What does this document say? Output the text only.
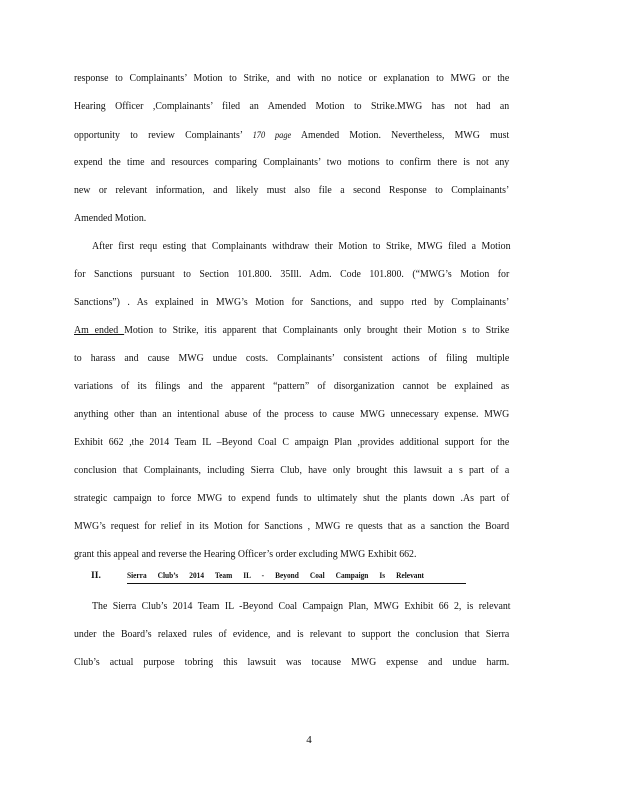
response to Complainants’ Motion to Strike, and with no notice or explanation to MWG or the
Hearing Officer ,Complainants’ filed an Amended Motion to Strike.MWG has not had an
opportunity to review Complainants’ 170 page Amended Motion. Nevertheless, MWG must
expend the time and resources comparing Complainants’ two motions to confirm there is not any
new or relevant information, and likely must also file a second Response to Complainants’
Amended Motion.
After first requ esting that Complainants withdraw their Motion to Strike, MWG filed a Motion
for Sanctions pursuant to Section 101.800. 35Ill. Adm. Code 101.800. (“MWG’s Motion for
Sanctions”) . As explained in MWG’s Motion for Sanctions, and suppo rted by Complainants’
Am ended Motion to Strike, itis apparent that Complainants only brought their Motion s to Strike
to harass and cause MWG undue costs. Complainants’ consistent actions of filing multiple
variations of its filings and the apparent “pattern” of disorganization cannot be explained as
anything other than an intentional abuse of the process to cause MWG unnecessary expense. MWG
Exhibit 662 ,the 2014 Team IL –Beyond Coal C ampaign Plan ,provides additional support for the
conclusion that Complainants, including Sierra Club, have only brought this lawsuit a s part of a
strategic campaign to force MWG to expend funds to ultimately shut the plants down .As part of
MWG’s request for relief in its Motion for Sanctions , MWG re quests that as a sanction the Board
grant this appeal and reverse the Hearing Officer’s order excluding MWG Exhibit 662.
II.	Sierra Club’s 2014 Team IL - Beyond Coal Campaign Is Relevant
The Sierra Club’s 2014 Team IL -Beyond Coal Campaign Plan, MWG Exhibit 66 2, is relevant
under the Board’s relaxed rules of evidence, and is relevant to support the conclusion that Sierra
Club’s actual purpose tobring this lawsuit was tocause MWG expense and undue harm.
4
